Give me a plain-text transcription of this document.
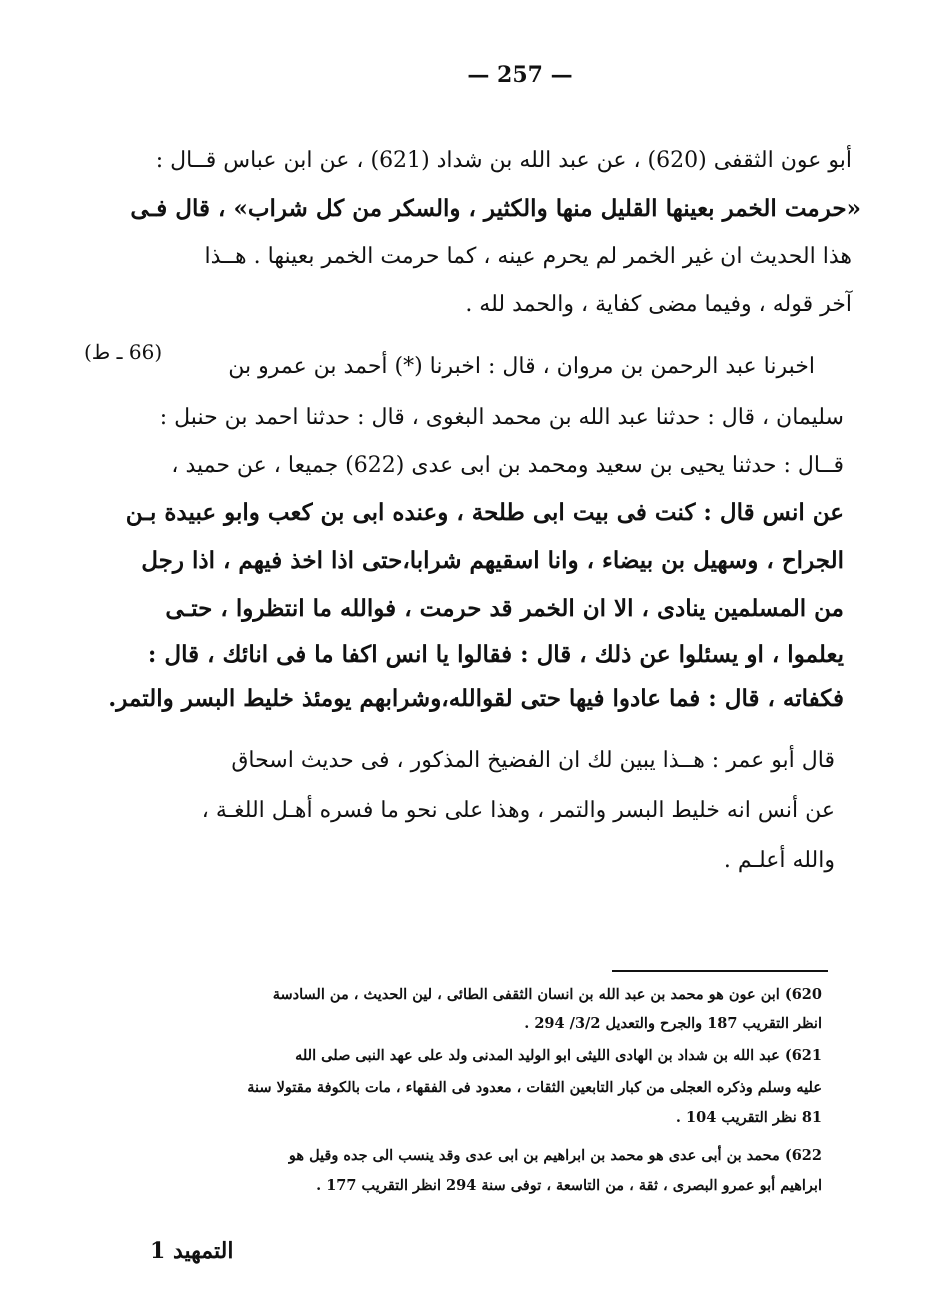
— 257 —
أبو عون الثقفى (620) ، عن عبد الله بن شداد (621) ، عن ابن عباس قــال :
«حرمت الخمر بعينها القليل منها والكثير ، والسكر من كل شراب» ، قال فـى
هذا الحديث ان غير الخمر لم يحرم عينه ، كما حرمت الخمر بعينها . هــذا
آخر قوله ، وفيما مضى كفاية ، والحمد لله .
(66 ـ ط)
اخبرنا عبد الرحمن بن مروان ، قال : اخبرنا (*) أحمد بن عمرو بن
سليمان ، قال : حدثنا عبد الله بن محمد البغوى ، قال : حدثنا احمد بن حنبل :
قــال : حدثنا يحيى بن سعيد ومحمد بن ابى عدى (622) جميعا ، عن حميد ،
عن انس قال : كنت فى بيت ابى طلحة ، وعنده ابى بن كعب وابو عبيدة بـن
الجراح ، وسهيل بن بيضاء ، وانا اسقيهم شرابا،حتى اذا اخذ فيهم ، اذا رجل
من المسلمين ينادى ، الا ان الخمر قد حرمت ، فوالله ما انتظروا ، حتـى
يعلموا ، او يسئلوا عن ذلك ، قال : فقالوا يا انس اكفا ما فى انائك ، قال :
فكفاته ، قال : فما عادوا فيها حتى لقوالله،وشرابهم يومئذ خليط البسر والتمر.
قال أبو عمر : هــذا يبين لك ان الفضيخ المذكور ، فى حديث اسحاق
عن أنس انه خليط البسر والتمر ، وهذا على نحو ما فسره أهـل اللغـة ،
والله أعلـم .
620) ابن عون هو محمد بن عبد الله بن انسان الثقفى الطائى ، لين الحديث ، من السادسة
انظر التقريب 187 والجرح والتعديل 3/2/ 294 .
621) عبد الله بن شداد بن الهادى الليثى ابو الوليد المدنى ولد على عهد النبى صلى الله
عليه وسلم وذكره العجلى من كبار التابعين الثقات ، معدود فى الفقهاء ، مات بالكوفة مقتولا سنة
81 نظر التقريب 104 .
622) محمد بن أبى عدى هو محمد بن ابراهيم بن ابى عدى وقد ينسب الى جده وقيل هو
ابراهيم أبو عمرو البصرى ، ثقة ، من التاسعة ، توفى سنة 294 انظر التقريب 177 .
التمهيد 1
